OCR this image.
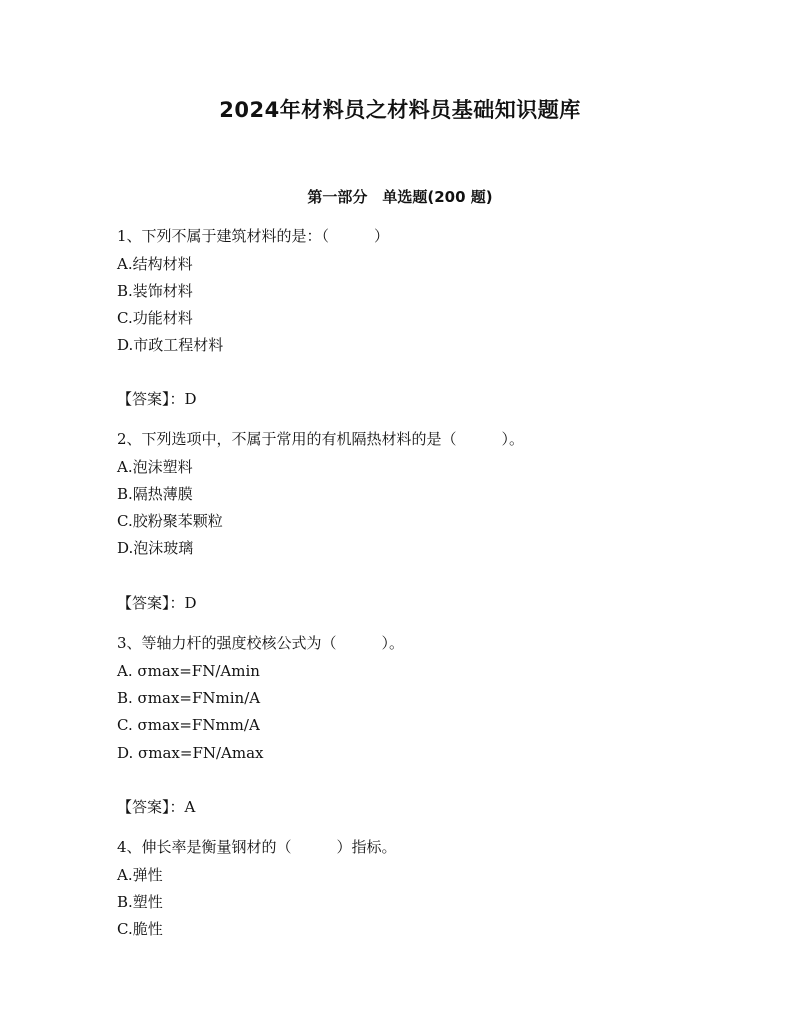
2024年材料员之材料员基础知识题库
第一部分　单选题(200 题)

1、下列不属于建筑材料的是：（　　　）

A.结构材料

B.装饰材料

C.功能材料

D.市政工程材料

【答案】：D

2、下列选项中，不属于常用的有机隔热材料的是（　　　）。

A.泡沫塑料

B.隔热薄膜

C.胶粉聚苯颗粒

D.泡沫玻璃

【答案】：D

3、等轴力杆的强度校核公式为（　　　）。

A. σmax=FN/Amin

B. σmax=FNmin/A

C. σmax=FNmm/A

D. σmax=FN/Amax

【答案】：A

4、伸长率是衡量钢材的（　　　）指标。

A.弹性

B.塑性

C.脆性
